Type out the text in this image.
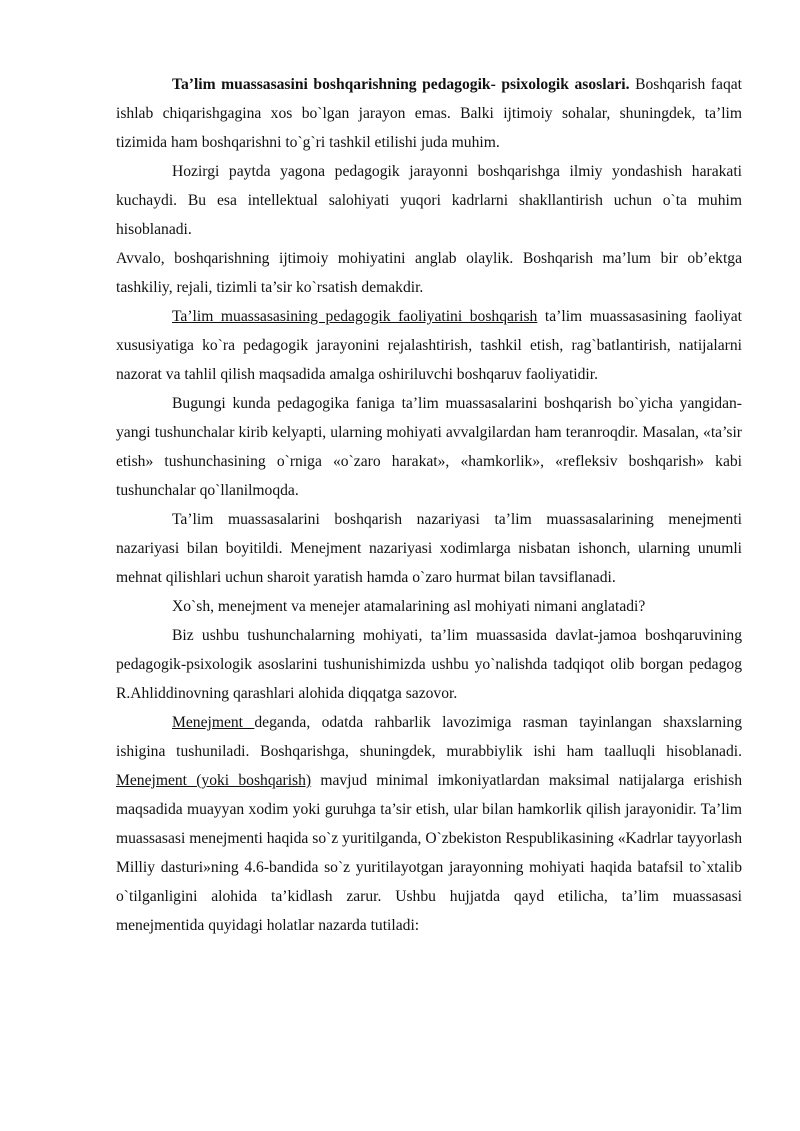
Ta’lim muassasasini boshqarishning pedagogik- psixologik asoslari. Boshqarish faqat ishlab chiqarishgagina xos bo`lgan jarayon emas. Balki ijtimoiy sohalar, shuningdek, ta’lim tizimida ham boshqarishni to`g`ri tashkil etilishi juda muhim.

Hozirgi paytda yagona pedagogik jarayonni boshqarishga ilmiy yondashish harakati kuchaydi. Bu esa intellektual salohiyati yuqori kadrlarni shakllantirish uchun o`ta muhim hisoblanadi.

Avvalo, boshqarishning ijtimoiy mohiyatini anglab olaylik. Boshqarish ma’lum bir ob’ektga tashkiliy, rejali, tizimli ta’sir ko`rsatish demakdir.

Ta’lim muassasasining pedagogik faoliyatini boshqarish ta’lim muassasasining faoliyat xususiyatiga ko`ra pedagogik jarayonini rejalashtirish, tashkil etish, rag`batlantirish, natijalarni nazorat va tahlil qilish maqsadida amalga oshiriluvchi boshqaruv faoliyatidir.

Bugungi kunda pedagogika faniga ta’lim muassasalarini boshqarish bo`yicha yangidan-yangi tushunchalar kirib kelyapti, ularning mohiyati avvalgilardan ham teranroqdir. Masalan, «ta’sir etish» tushunchasining o`rniga «o`zaro harakat», «hamkorlik», «refleksiv boshqarish» kabi tushunchalar qo`llanilmoqda.

Ta’lim muassasalarini boshqarish nazariyasi ta’lim muassasalarining menejmenti nazariyasi bilan boyitildi. Menejment nazariyasi xodimlarga nisbatan ishonch, ularning unumli mehnat qilishlari uchun sharoit yaratish hamda o`zaro hurmat bilan tavsiflanadi.

Xo`sh, menejment va menejer atamalarining asl mohiyati nimani anglatadi?

Biz ushbu tushunchalarning mohiyati, ta’lim muassasida davlat-jamoa boshqaruvining pedagogik-psixologik asoslarini tushunishimizda ushbu yo`nalishda tadqiqot olib borgan pedagog R.Ahliddinovning qarashlari alohida diqqatga sazovor.

Menejment deganda, odatda rahbarlik lavozimiga rasman tayinlangan shaxslarning ishigina tushuniladi. Boshqarishga, shuningdek, murabbiylik ishi ham taalluqli hisoblanadi. Menejment (yoki boshqarish) mavjud minimal imkoniyatlardan maksimal natijalarga erishish maqsadida muayyan xodim yoki guruhga ta’sir etish, ular bilan hamkorlik qilish jarayonidir. Ta’lim muassasasi menejmenti haqida so`z yuritilganda, O`zbekiston Respublikasining «Kadrlar tayyorlash Milliy dasturi»ning 4.6-bandida so`z yuritilayotgan jarayonning mohiyati haqida batafsil to`xtalib o`tilganligini alohida ta’kidlash zarur. Ushbu hujjatda qayd etilicha, ta’lim muassasasi menejmentida quyidagi holatlar nazarda tutiladi:
